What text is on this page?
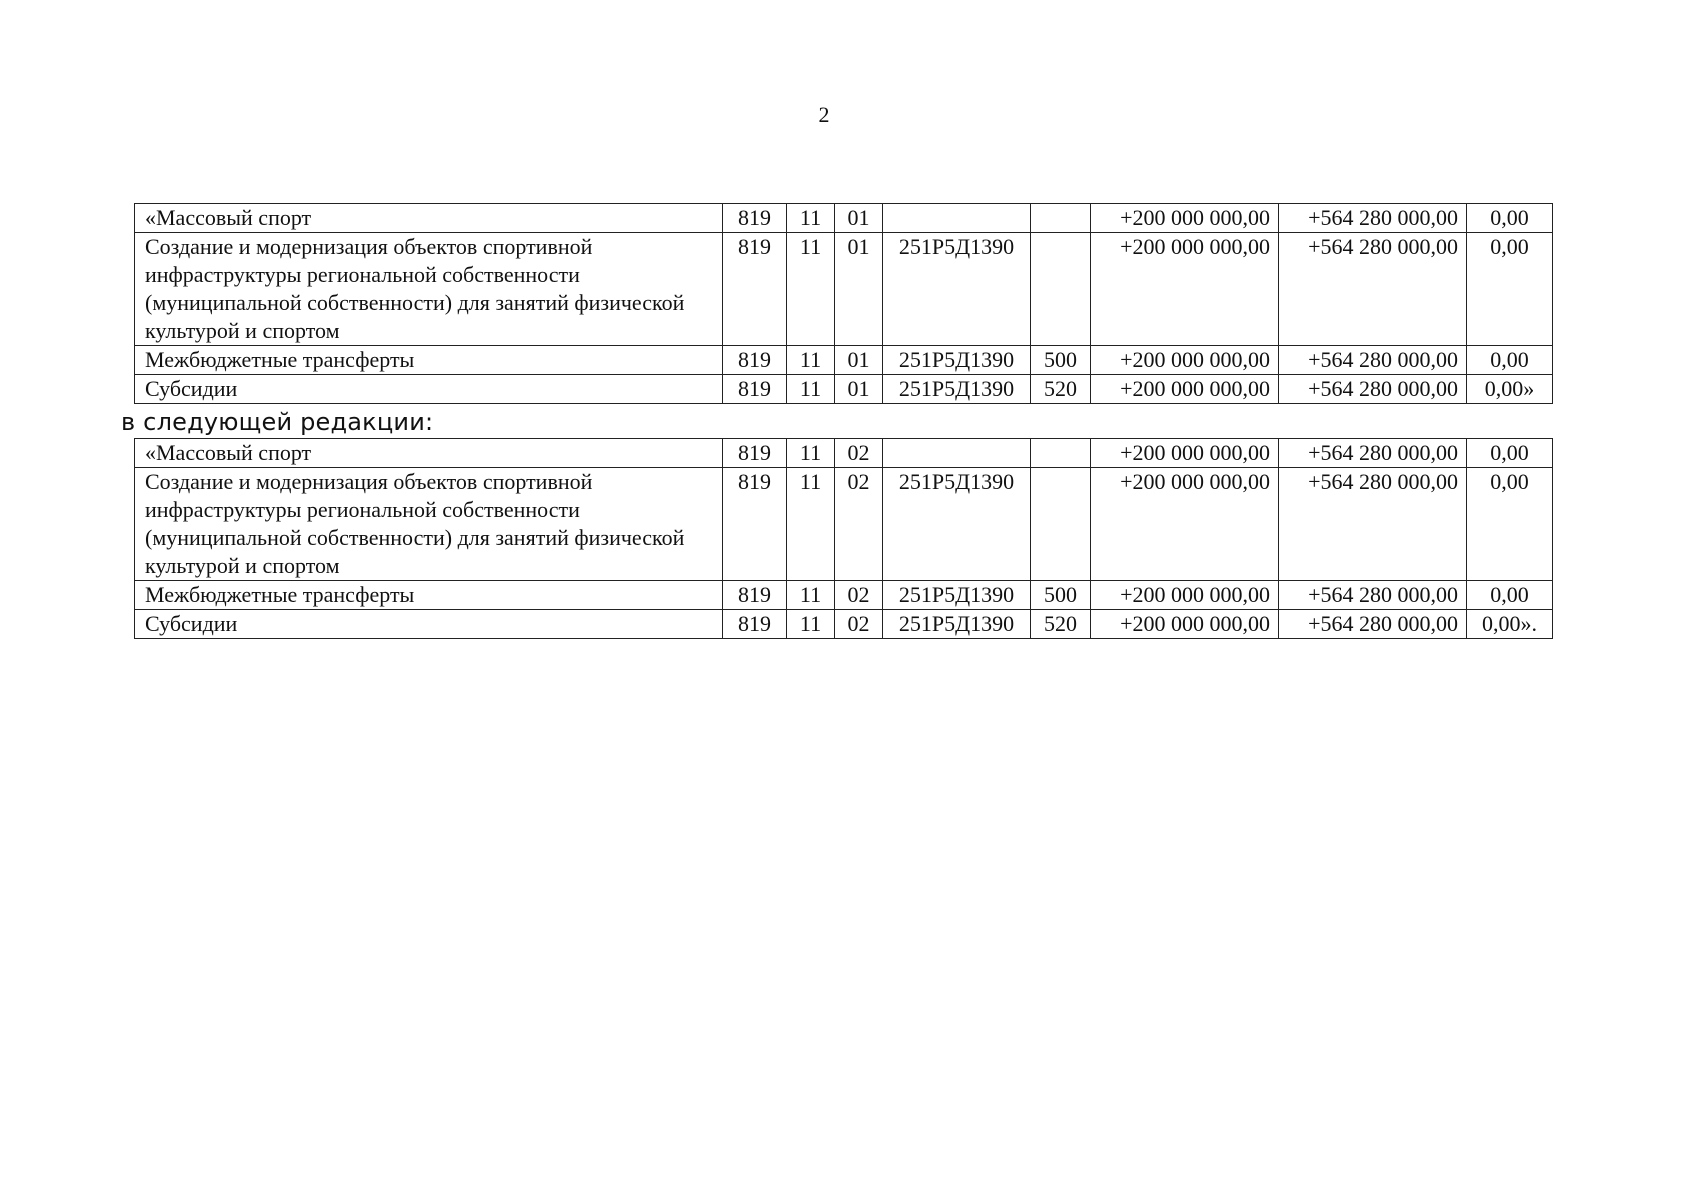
2
«Массовый спорт	819	11	01			+200 000 000,00	+564 280 000,00	0,00
Создание и модернизация объектов спортивной инфраструктуры региональной собственности (муниципальной собственности) для занятий физической культурой и спортом	819	11	01	251Р5Д1390		+200 000 000,00	+564 280 000,00	0,00
Межбюджетные трансферты	819	11	01	251Р5Д1390	500	+200 000 000,00	+564 280 000,00	0,00
Субсидии	819	11	01	251Р5Д1390	520	+200 000 000,00	+564 280 000,00	0,00»
в следующей редакции:
«Массовый спорт	819	11	02			+200 000 000,00	+564 280 000,00	0,00
Создание и модернизация объектов спортивной инфраструктуры региональной собственности (муниципальной собственности) для занятий физической культурой и спортом	819	11	02	251Р5Д1390		+200 000 000,00	+564 280 000,00	0,00
Межбюджетные трансферты	819	11	02	251Р5Д1390	500	+200 000 000,00	+564 280 000,00	0,00
Субсидии	819	11	02	251Р5Д1390	520	+200 000 000,00	+564 280 000,00	0,00».
